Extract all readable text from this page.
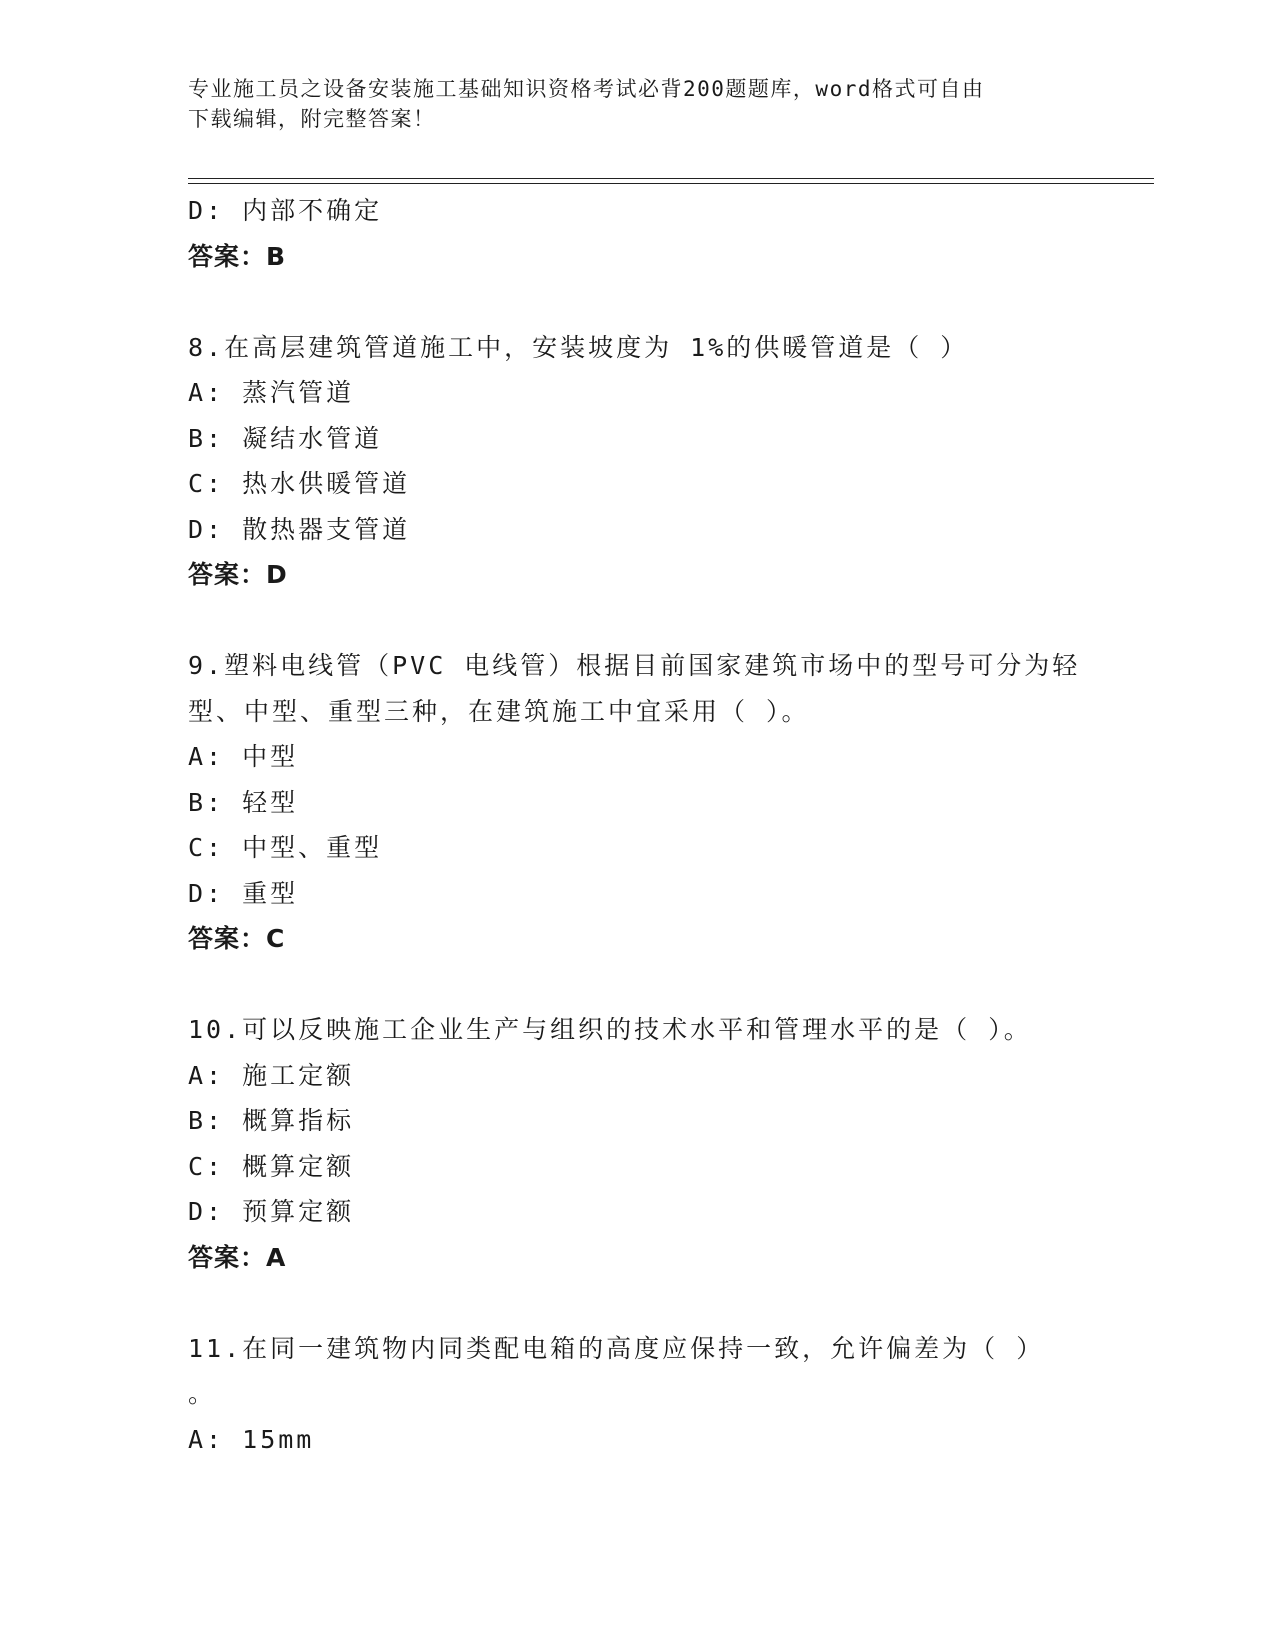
专业施工员之设备安装施工基础知识资格考试必背200题题库，word格式可自由
下载编辑，附完整答案！
D: 内部不确定
答案：B
8.在高层建筑管道施工中，安装坡度为 1%的供暖管道是（ ）
A: 蒸汽管道
B: 凝结水管道
C: 热水供暖管道
D: 散热器支管道
答案：D
9.塑料电线管（PVC 电线管）根据目前国家建筑市场中的型号可分为轻
型、中型、重型三种，在建筑施工中宜采用（ ）。
A: 中型
B: 轻型
C: 中型、重型
D: 重型
答案：C
10.可以反映施工企业生产与组织的技术水平和管理水平的是（ ）。
A: 施工定额
B: 概算指标
C: 概算定额
D: 预算定额
答案：A
11.在同一建筑物内同类配电箱的高度应保持一致，允许偏差为（ ）
。
A: 15mm
